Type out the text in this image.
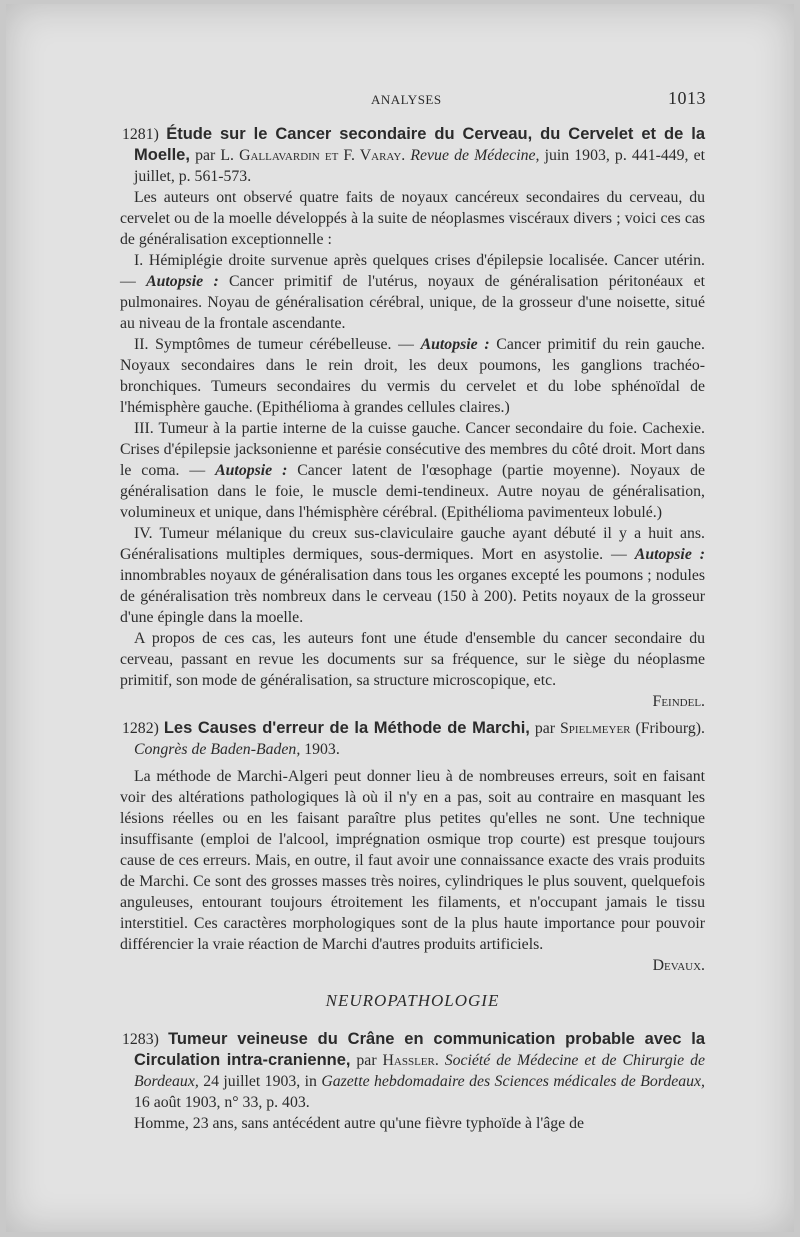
ANALYSES	1013

1281) Étude sur le Cancer secondaire du Cerveau, du Cervelet et de la Moelle, par L. Gallavardin et F. Varay. Revue de Médecine, juin 1903, p. 441-449, et juillet, p. 561-573.

Les auteurs ont observé quatre faits de noyaux cancéreux secondaires du cerveau, du cervelet ou de la moelle développés à la suite de néoplasmes viscéraux divers ; voici ces cas de généralisation exceptionnelle :

I. Hémiplégie droite survenue après quelques crises d'épilepsie localisée. Cancer utérin. — Autopsie : Cancer primitif de l'utérus, noyaux de généralisation péritonéaux et pulmonaires. Noyau de généralisation cérébral, unique, de la grosseur d'une noisette, situé au niveau de la frontale ascendante.

II. Symptômes de tumeur cérébelleuse. — Autopsie : Cancer primitif du rein gauche. Noyaux secondaires dans le rein droit, les deux poumons, les ganglions trachéo-bronchiques. Tumeurs secondaires du vermis du cervelet et du lobe sphénoïdal de l'hémisphère gauche. (Epithélioma à grandes cellules claires.)

III. Tumeur à la partie interne de la cuisse gauche. Cancer secondaire du foie. Cachexie. Crises d'épilepsie jacksonienne et parésie consécutive des membres du côté droit. Mort dans le coma. — Autopsie : Cancer latent de l'œsophage (partie moyenne). Noyaux de généralisation dans le foie, le muscle demi-tendineux. Autre noyau de généralisation, volumineux et unique, dans l'hémisphère cérébral. (Epithélioma pavimenteux lobulé.)

IV. Tumeur mélanique du creux sus-claviculaire gauche ayant débuté il y a huit ans. Généralisations multiples dermiques, sous-dermiques. Mort en asystolie. — Autopsie : innombrables noyaux de généralisation dans tous les organes excepté les poumons ; nodules de généralisation très nombreux dans le cerveau (150 à 200). Petits noyaux de la grosseur d'une épingle dans la moelle.

A propos de ces cas, les auteurs font une étude d'ensemble du cancer secondaire du cerveau, passant en revue les documents sur sa fréquence, sur le siège du néoplasme primitif, son mode de généralisation, sa structure microscopique, etc.

Feindel.

1282) Les Causes d'erreur de la Méthode de Marchi, par Spielmeyer (Fribourg). Congrès de Baden-Baden, 1903.

La méthode de Marchi-Algeri peut donner lieu à de nombreuses erreurs, soit en faisant voir des altérations pathologiques là où il n'y en a pas, soit au contraire en masquant les lésions réelles ou en les faisant paraître plus petites qu'elles ne sont. Une technique insuffisante (emploi de l'alcool, imprégnation osmique trop courte) est presque toujours cause de ces erreurs. Mais, en outre, il faut avoir une connaissance exacte des vrais produits de Marchi. Ce sont des grosses masses très noires, cylindriques le plus souvent, quelquefois anguleuses, entourant toujours étroitement les filaments, et n'occupant jamais le tissu interstitiel. Ces caractères morphologiques sont de la plus haute importance pour pouvoir différencier la vraie réaction de Marchi d'autres produits artificiels.

Devaux.

NEUROPATHOLOGIE

1283) Tumeur veineuse du Crâne en communication probable avec la Circulation intra-cranienne, par Hassler. Société de Médecine et de Chirurgie de Bordeaux, 24 juillet 1903, in Gazette hebdomadaire des Sciences médicales de Bordeaux, 16 août 1903, n° 33, p. 403.

Homme, 23 ans, sans antécédent autre qu'une fièvre typhoïde à l'âge de
